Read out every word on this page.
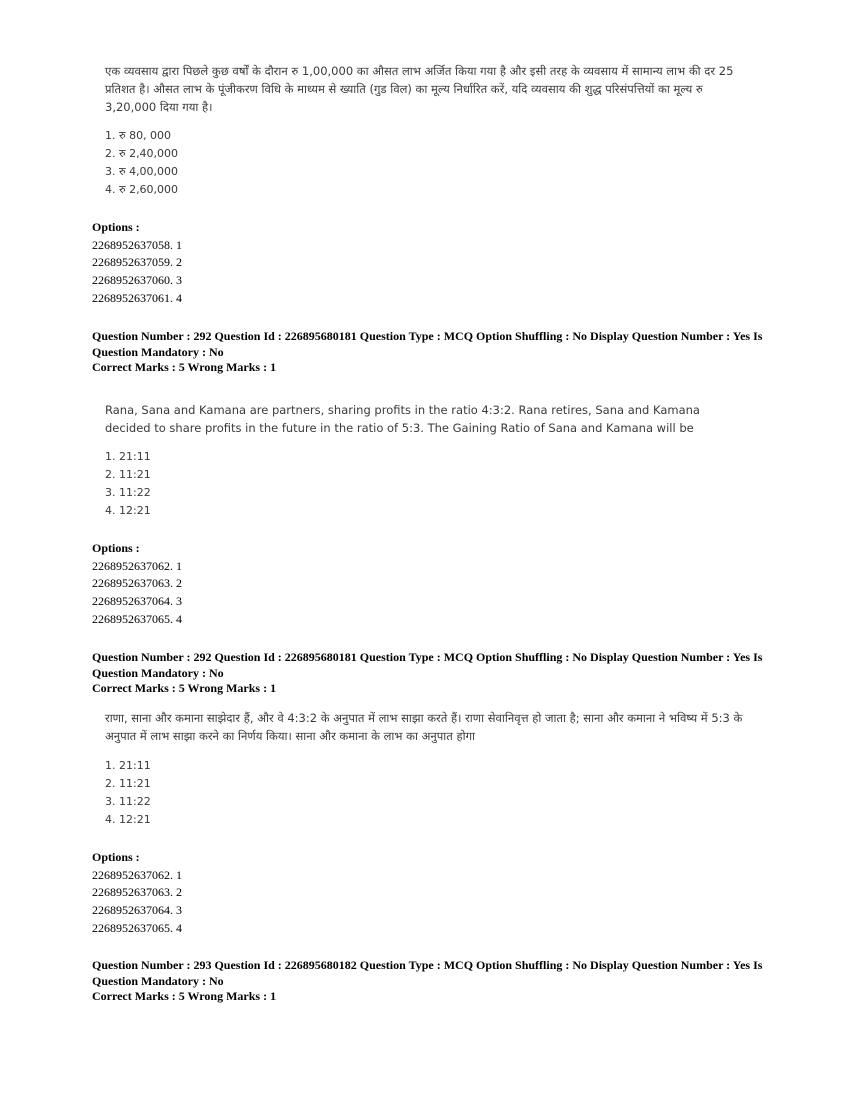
एक व्यवसाय द्वारा पिछले कुछ वर्षों के दौरान रु 1,00,000 का औसत लाभ अर्जित किया गया है और इसी तरह के व्यवसाय में सामान्य लाभ की दर 25 प्रतिशत है। औसत लाभ के पूंजीकरण विधि के माध्यम से ख्याति (गुड विल) का मूल्य निर्धारित करें, यदि व्यवसाय की शुद्ध परिसंपत्तियों का मूल्य रु 3,20,000 दिया गया है।
1. रु 80, 000
2. रु 2,40,000
3. रु 4,00,000
4. रु 2,60,000
Options :
2268952637058. 1
2268952637059. 2
2268952637060. 3
2268952637061. 4
Question Number : 292 Question Id : 226895680181 Question Type : MCQ Option Shuffling : No Display Question Number : Yes Is
Question Mandatory : No
Correct Marks : 5 Wrong Marks : 1
Rana, Sana and Kamana are partners, sharing profits in the ratio 4:3:2. Rana retires, Sana and Kamana decided to share profits in the future in the ratio of 5:3. The Gaining Ratio of Sana and Kamana will be
1. 21:11
2. 11:21
3. 11:22
4. 12:21
Options :
2268952637062. 1
2268952637063. 2
2268952637064. 3
2268952637065. 4
Question Number : 292 Question Id : 226895680181 Question Type : MCQ Option Shuffling : No Display Question Number : Yes Is
Question Mandatory : No
Correct Marks : 5 Wrong Marks : 1
राणा, साना और कमाना साझेदार हैं, और वे 4:3:2 के अनुपात में लाभ साझा करते हैं। राणा सेवानिवृत्त हो जाता है; साना और कमाना ने भविष्य में 5:3 के अनुपात में लाभ साझा करने का निर्णय किया। साना और कमाना के लाभ का अनुपात होगा
1. 21:11
2. 11:21
3. 11:22
4. 12:21
Options :
2268952637062. 1
2268952637063. 2
2268952637064. 3
2268952637065. 4
Question Number : 293 Question Id : 226895680182 Question Type : MCQ Option Shuffling : No Display Question Number : Yes Is
Question Mandatory : No
Correct Marks : 5 Wrong Marks : 1
